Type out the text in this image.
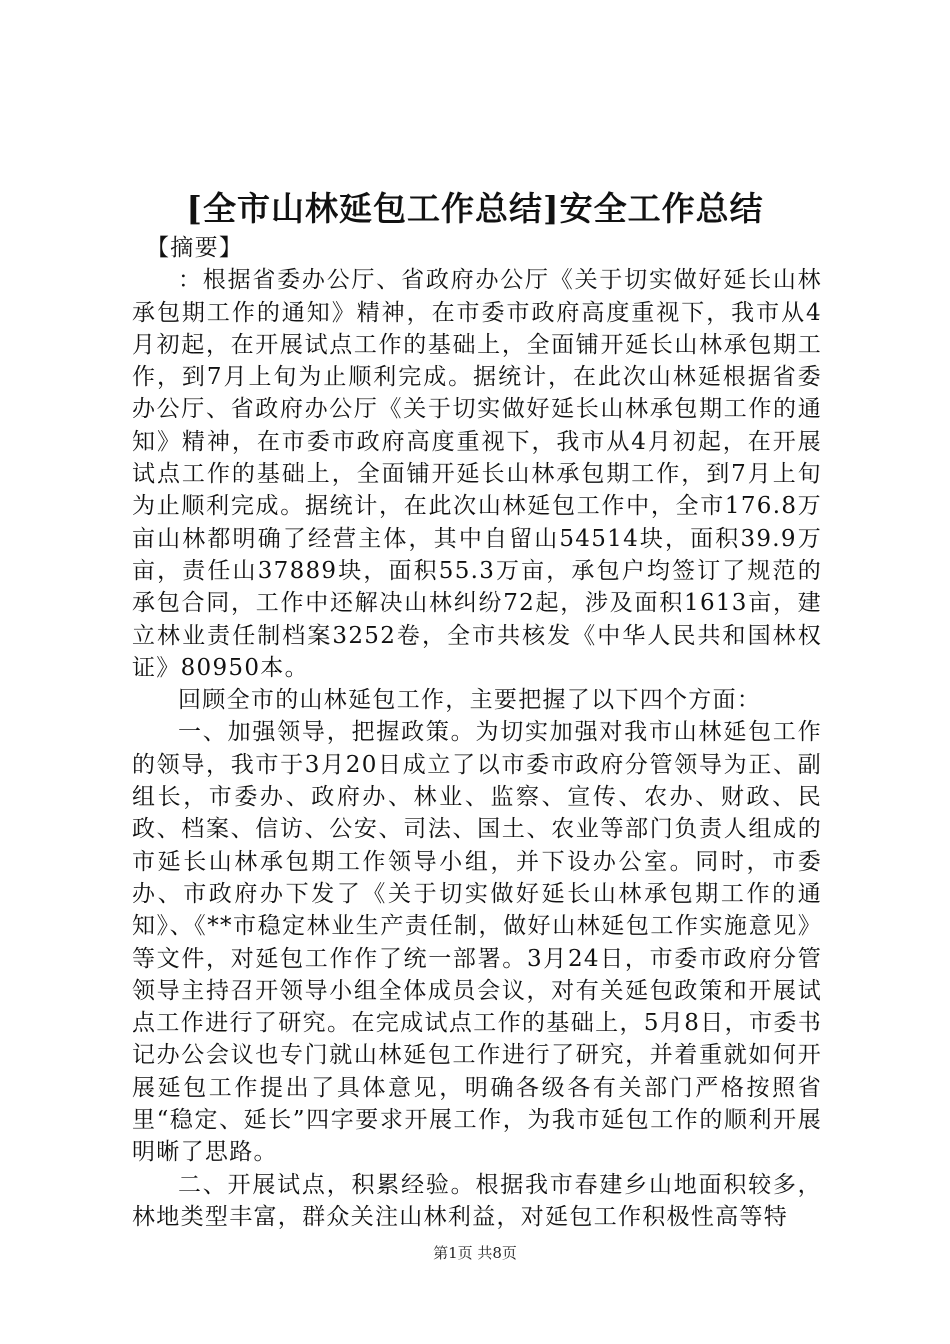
[全市山林延包工作总结]安全工作总结

【摘要】

：根据省委办公厅、省政府办公厅《关于切实做好延长山林承包期工作的通知》精神，在市委市政府高度重视下，我市从4月初起，在开展试点工作的基础上，全面铺开延长山林承包期工作，到7月上旬为止顺利完成。据统计，在此次山林延根据省委办公厅、省政府办公厅《关于切实做好延长山林承包期工作的通知》精神，在市委市政府高度重视下，我市从4月初起，在开展试点工作的基础上，全面铺开延长山林承包期工作，到7月上旬为止顺利完成。据统计，在此次山林延包工作中，全市176.8万亩山林都明确了经营主体，其中自留山54514块，面积39.9万亩，责任山37889块，面积55.3万亩，承包户均签订了规范的承包合同，工作中还解决山林纠纷72起，涉及面积1613亩，建立林业责任制档案3252卷，全市共核发《中华人民共和国林权证》80950本。

回顾全市的山林延包工作，主要把握了以下四个方面：

一、加强领导，把握政策。为切实加强对我市山林延包工作的领导，我市于3月20日成立了以市委市政府分管领导为正、副组长，市委办、政府办、林业、监察、宣传、农办、财政、民政、档案、信访、公安、司法、国土、农业等部门负责人组成的市延长山林承包期工作领导小组，并下设办公室。同时，市委办、市政府办下发了《关于切实做好延长山林承包期工作的通知》、《**市稳定林业生产责任制，做好山林延包工作实施意见》等文件，对延包工作作了统一部署。3月24日，市委市政府分管领导主持召开领导小组全体成员会议，对有关延包政策和开展试点工作进行了研究。在完成试点工作的基础上，5月8日，市委书记办公会议也专门就山林延包工作进行了研究，并着重就如何开展延包工作提出了具体意见，明确各级各有关部门严格按照省里“稳定、延长”四字要求开展工作，为我市延包工作的顺利开展明晰了思路。

二、开展试点，积累经验。根据我市春建乡山地面积较多，林地类型丰富，群众关注山林利益，对延包工作积极性高等特

第1页 共8页
